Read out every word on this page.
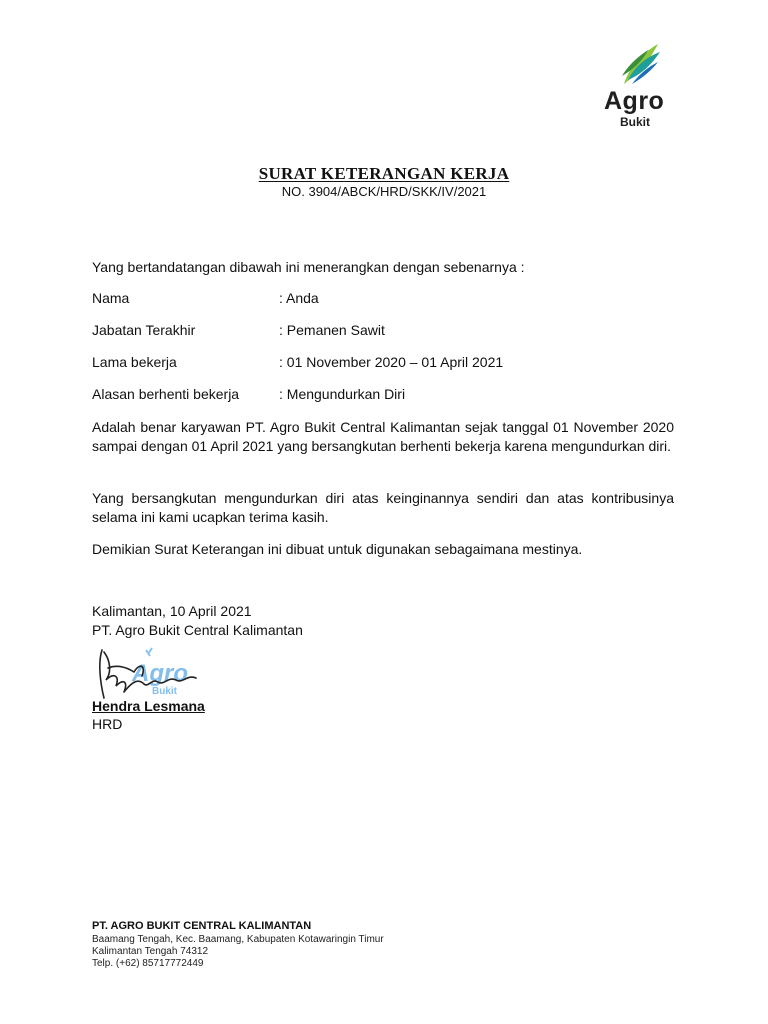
Agro
Bukit
SURAT KETERANGAN KERJA
NO. 3904/ABCK/HRD/SKK/IV/2021
Yang bertandatangan dibawah ini menerangkan dengan sebenarnya :
Nama	: Anda
Jabatan Terakhir	: Pemanen Sawit
Lama bekerja	: 01 November 2020 – 01 April 2021
Alasan berhenti bekerja	: Mengundurkan Diri
Adalah benar karyawan PT. Agro Bukit Central Kalimantan sejak tanggal 01 November 2020 sampai dengan 01 April 2021 yang bersangkutan berhenti bekerja karena mengundurkan diri.
Yang bersangkutan mengundurkan diri atas keinginannya sendiri dan atas kontribusinya selama ini kami ucapkan terima kasih.
Demikian Surat Keterangan ini dibuat untuk digunakan sebagaimana mestinya.
Kalimantan, 10 April 2021
PT. Agro Bukit Central Kalimantan
Agro
Bukit
Hendra Lesmana
HRD
PT. AGRO BUKIT CENTRAL KALIMANTAN
Baamang Tengah, Kec. Baamang, Kabupaten Kotawaringin Timur
Kalimantan Tengah 74312
Telp. (+62) 85717772449
